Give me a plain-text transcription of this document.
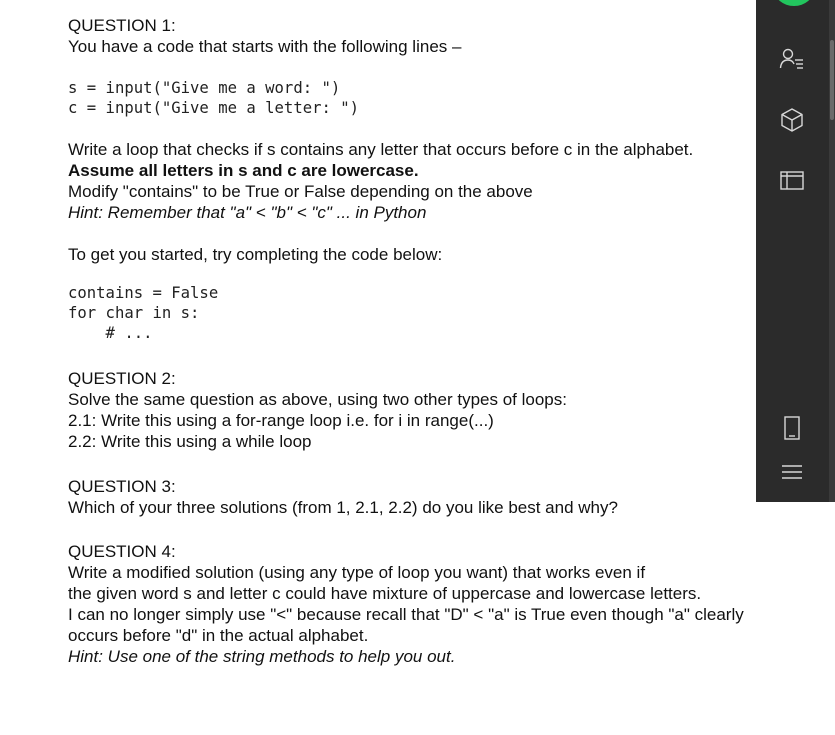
QUESTION 1:
You have a code that starts with the following lines –
s = input("Give me a word: ")
c = input("Give me a letter: ")
Write a loop that checks if s contains any letter that occurs before c in the alphabet.
Assume all letters in s and c are lowercase.
Modify "contains" to be True or False depending on the above
Hint: Remember that "a" < "b" < "c" ... in Python
To get you started, try completing the code below:
contains = False
for char in s:
# ...
QUESTION 2:
Solve the same question as above, using two other types of loops:
2.1: Write this using a for-range loop i.e. for i in range(...)
2.2: Write this using a while loop
QUESTION 3:
Which of your three solutions (from 1, 2.1, 2.2) do you like best and why?
QUESTION 4:
Write a modified solution (using any type of loop you want) that works even if
the given word s and letter c could have mixture of uppercase and lowercase letters.
I can no longer simply use "<" because recall that "D" < "a" is True even though "a" clearly
occurs before "d" in the actual alphabet.
Hint: Use one of the string methods to help you out.
